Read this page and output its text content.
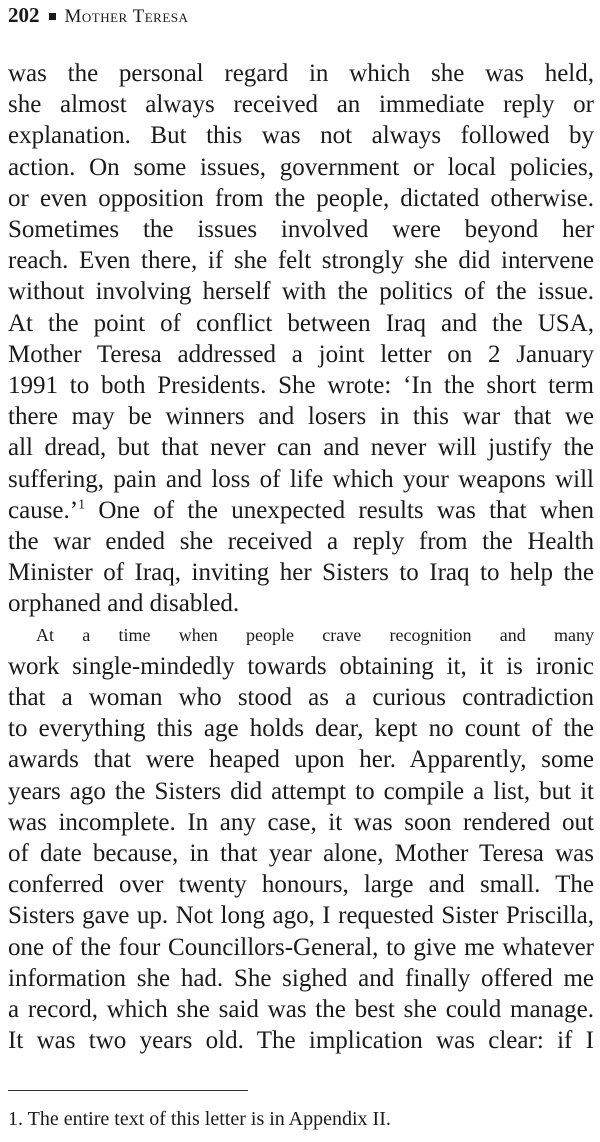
202 Mother Teresa
was the personal regard in which she was held,
she almost always received an immediate reply or
explanation. But this was not always followed by
action. On some issues, government or local policies,
or even opposition from the people, dictated otherwise.
Sometimes the issues involved were beyond her
reach. Even there, if she felt strongly she did intervene
without involving herself with the politics of the issue.
At the point of conflict between Iraq and the USA,
Mother Teresa addressed a joint letter on 2 January
1991 to both Presidents. She wrote: ‘In the short term
there may be winners and losers in this war that we
all dread, but that never can and never will justify the
suffering, pain and loss of life which your weapons will
cause.’$^1$ One of the unexpected results was that when
the war ended she received a reply from the Health
Minister of Iraq, inviting her Sisters to Iraq to help the
orphaned and disabled.
At a time when people crave recognition and many
work single-mindedly towards obtaining it, it is ironic
that a woman who stood as a curious contradiction
to everything this age holds dear, kept no count of the
awards that were heaped upon her. Apparently, some
years ago the Sisters did attempt to compile a list, but it
was incomplete. In any case, it was soon rendered out
of date because, in that year alone, Mother Teresa was
conferred over twenty honours, large and small. The
Sisters gave up. Not long ago, I requested Sister Priscilla,
one of the four Councillors-General, to give me whatever
information she had. She sighed and finally offered me
a record, which she said was the best she could manage.
It was two years old. The implication was clear: if I
1. The entire text of this letter is in Appendix II.
